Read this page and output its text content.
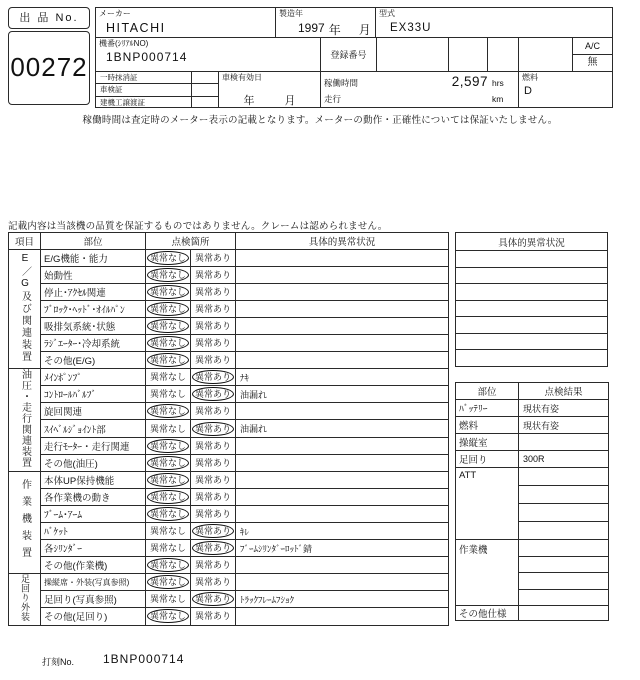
出 品 No.
00272
メーカー
HITACHI
製造年
1997 年 月
型式
EX33U
機番(ｼﾘｱﾙNO)
1BNP000714	登録番号
A/C
無
一時抹消証
車検証
建機工譲渡証
車検有効日
年	月
稼働時間	2,597 hrs
走行	km
燃料
D
稼働時間は査定時のメーター表示の記載となります。メーターの動作・正確性については保証いたしません。
記載内容は当該機の品質を保証するものではありません。クレームは認められません。
項目	部位	点検箇所		具体的異常状況
E／G及び関連装置	E/G機能・能力	異常なし	異常あり	
	始動性	異常なし	異常あり	
	停止･ｱｸｾﾙ関連	異常なし	異常あり	
	ﾌﾞﾛｯｸ･ﾍｯﾄﾞ･ｵｲﾙﾊﾟﾝ	異常なし	異常あり	
	吸排気系統･状態	異常なし	異常あり	
	ﾗｼﾞｴｰﾀｰ･冷却系統	異常なし	異常あり	
	その他(E/G)	異常なし	異常あり	
油圧・走行関連装置	ﾒｲﾝﾎﾟﾝﾌﾟ	異常なし	異常あり	ﾅｷ
	ｺﾝﾄﾛｰﾙﾊﾞﾙﾌﾞ	異常なし	異常あり	油漏れ
	旋回関連	異常なし	異常あり	
	ｽｲﾍﾞﾙｼﾞｮｲﾝﾄ部	異常なし	異常あり	油漏れ
	走行ﾓｰﾀｰ・走行関連	異常なし	異常あり	
	その他(油圧)	異常なし	異常あり	
作業機装置	本体UP保持機能	異常なし	異常あり	
	各作業機の動き	異常なし	異常あり	
	ﾌﾞｰﾑ･ｱｰﾑ	異常なし	異常あり	
	ﾊﾞｹｯﾄ	異常なし	異常あり	ｷﾚ
	各ｼﾘﾝﾀﾞｰ	異常なし	異常あり	ﾌﾞｰﾑｼﾘﾝﾀﾞｰﾛｯﾄﾞ錆
	その他(作業機)	異常なし	異常あり	
足回り外装	操縦席・外装(写真参照)	異常なし	異常あり	
	足回り(写真参照)	異常なし	異常あり	ﾄﾗｯｸﾌﾚｰﾑﾌｼｮｸ
	その他(足回り)	異常なし	異常あり	
具体的異常状況

部位	点検結果
ﾊﾞｯﾃﾘｰ	現状有姿
燃料	現状有姿
操縦室	
足回り	300R
ATT	

作業機	

その他仕様	
打刻No. 1BNP000714
